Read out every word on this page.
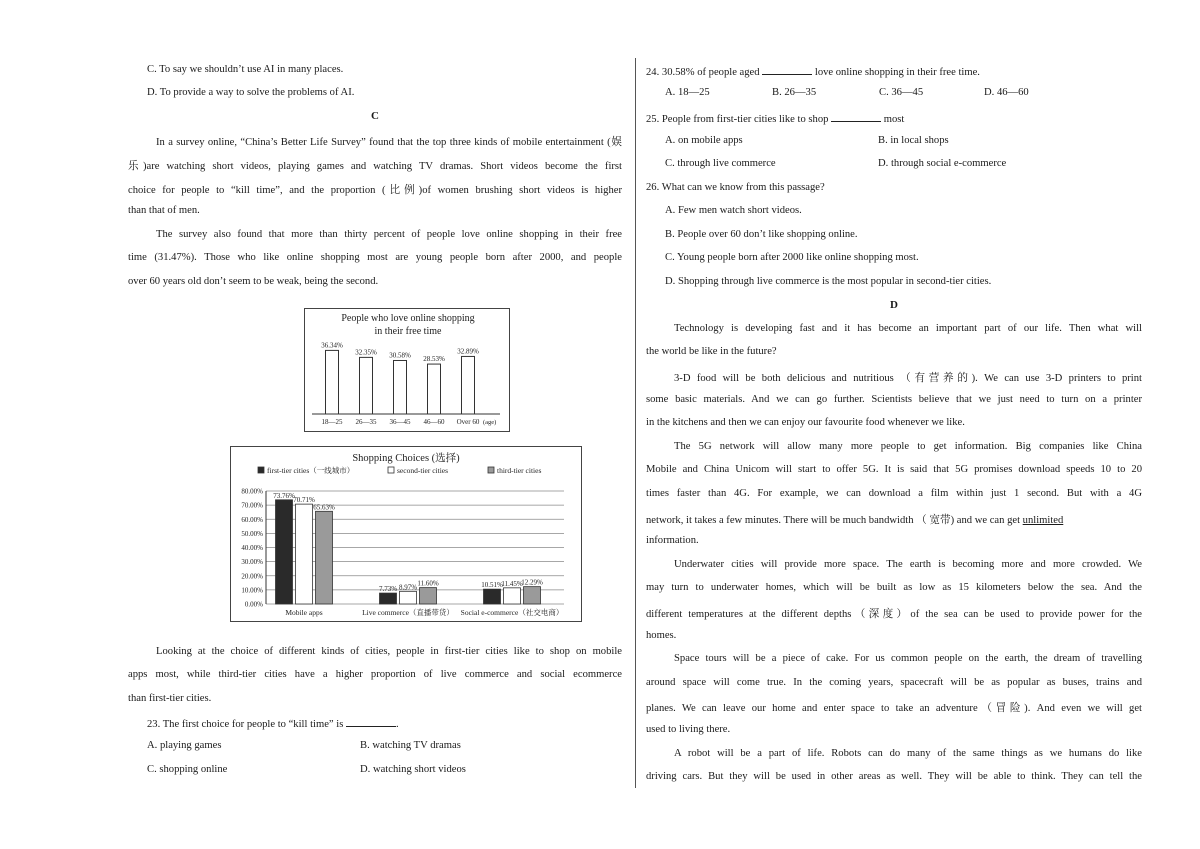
C. To say we shouldn’t use AI in many places.
D. To provide a way to solve the problems of AI.
C
In a survey online, “China’s Better Life Survey” found that the top three kinds of mobile entertainment (娱
乐)are watching short videos, playing games and watching TV dramas. Short videos become the first
choice for people to “kill time”, and the proportion (比例)of women brushing short videos is higher
than that of men.
The survey also found that more than thirty percent of people love online shopping in their free
time (31.47%). Those who like online shopping most are young people born after 2000, and people
over 60 years old don’t seem to be weak, being the second.
Looking at the choice of different kinds of cities, people in first-tier cities like to shop on mobile
apps most, while third-tier cities have a higher proportion of live commerce and social ecommerce
than first-tier cities.
23. The first choice for people to “kill time” is	.
A. playing games	B. watching TV dramas
C. shopping online	D. watching short videos
People who love online shopping
in their free time
36.34%
18—25
32.35%
26—35
30.58%
36—45
28.53%
46—60
32.89%
Over 60 (age)
Shopping Choices (选择)
first-tier cities（一线城市）	second-tier cities	third-tier cities
0.00%
10.00%
20.00%
30.00%
40.00%
50.00%
60.00%
70.00%
80.00%
73.76%
70.71%
65.63%
Mobile apps
7.73% 8.97% 11.60%
Live commerce（直播带货）
10.51%
11.45%
12.29%
Social e-commerce（社交电商）
24. 30.58% of people aged	love online shopping in their free time.
A. 18—25	B. 26—35	C. 36—45	D. 46—60
25. People from first-tier cities like to shop	most
A. on mobile apps	B. in local shops
C. through live commerce	D. through social e-commerce
26. What can we know from this passage?
A. Few men watch short videos.
B. People over 60 don’t like shopping online.
C. Young people born after 2000 like online shopping most.
D. Shopping through live commerce is the most popular in second-tier cities.
D
Technology is developing fast and it has become an important part of our life. Then what will
the world be like in the future?
3-D food will be both delicious and nutritious （有营养的). We can use 3-D printers to print
some basic materials. And we can go further. Scientists believe that we just need to turn on a printer
in the kitchens and then we can enjoy our favourite food whenever we like.
The 5G network will allow many more people to get information. Big companies like China
Mobile and China Unicom will start to offer 5G. It is said that 5G promises download speeds 10 to 20
times faster than 4G. For example, we can download a film within just 1 second. But with a 4G
network, it takes a few minutes. There will be much bandwidth （ 宽带) and we can get unlimited
information.
Underwater cities will provide more space. The earth is becoming more and more crowded. We
may turn to underwater homes, which will be built as low as 15 kilometers below the sea. And the
different temperatures at the different depths（深度）of the sea can be used to provide power for the
homes.
Space tours will be a piece of cake. For us common people on the earth, the dream of travelling
around space will come true. In the coming years, spacecraft will be as popular as buses, trains and
planes. We can leave our home and enter space to take an adventure（冒险). And even we will get
used to living there.
A robot will be a part of life. Robots can do many of the same things as we humans do like
driving cars. But they will be used in other areas as well. They will be able to think. They can tell the
